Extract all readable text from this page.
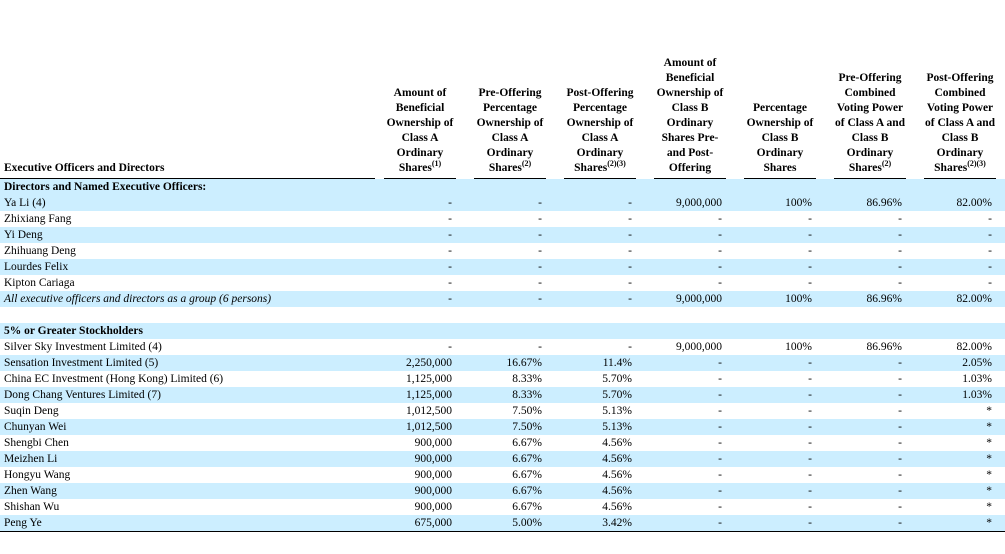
Executive Officers and Directors	Amount of Beneficial Ownership of Class A Ordinary Shares$^{(1)}$	Pre-Offering Percentage Ownership of Class A Ordinary Shares$^{(2)}$	Post-Offering Percentage Ownership of Class A Ordinary Shares$^{(2)(3)}$	Amount of Beneficial Ownership of Class B Ordinary Shares Pre- and Post-Offering	Percentage Ownership of Class B Ordinary Shares	Pre-Offering Combined Voting Power of Class A and Class B Ordinary Shares$^{(2)}$	Post-Offering Combined Voting Power of Class A and Class B Ordinary Shares$^{(2)(3)}$

Directors and Named Executive Officers:							
Ya Li (4)	-	-	-	9,000,000	100%	86.96%	82.00%
Zhixiang Fang	-	-	-	-	-	-	-
Yi Deng	-	-	-	-	-	-	-
Zhihuang Deng	-	-	-	-	-	-	-
Lourdes Felix	-	-	-	-	-	-	-
Kipton Cariaga	-	-	-	-	-	-	-
All executive officers and directors as a group (6 persons)	-	-	-	9,000,000	100%	86.96%	82.00%

5% or Greater Stockholders							
Silver Sky Investment Limited (4)	-	-	-	9,000,000	100%	86.96%	82.00%
Sensation Investment Limited (5)	2,250,000	16.67%	11.4%	-	-	-	2.05%
China EC Investment (Hong Kong) Limited (6)	1,125,000	8.33%	5.70%	-	-	-	1.03%
Dong Chang Ventures Limited (7)	1,125,000	8.33%	5.70%	-	-	-	1.03%
Suqin Deng	1,012,500	7.50%	5.13%	-	-	-	*
Chunyan Wei	1,012,500	7.50%	5.13%	-	-	-	*
Shengbi Chen	900,000	6.67%	4.56%	-	-	-	*
Meizhen Li	900,000	6.67%	4.56%	-	-	-	*
Hongyu Wang	900,000	6.67%	4.56%	-	-	-	*
Zhen Wang	900,000	6.67%	4.56%	-	-	-	*
Shishan Wu	900,000	6.67%	4.56%	-	-	-	*
Peng Ye	675,000	5.00%	3.42%	-	-	-	*
